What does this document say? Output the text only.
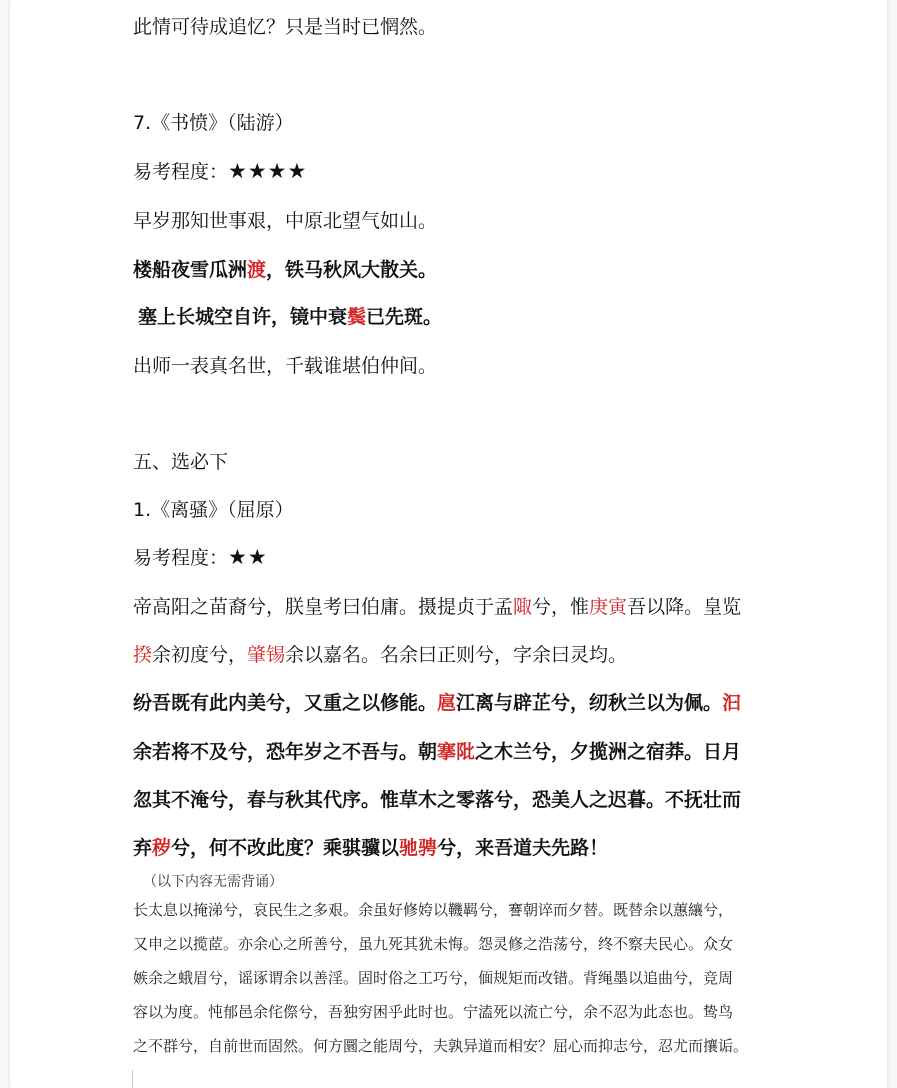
此情可待成追忆？只是当时已惘然。
7.《书愤》（陆游）
易考程度：★★★★
早岁那知世事艰，中原北望气如山。
楼船夜雪瓜洲渡，铁马秋风大散关。
塞上长城空自许，镜中衰鬓已先斑。
出师一表真名世，千载谁堪伯仲间。
五、选必下
1.《离骚》（屈原）
易考程度：★★
帝高阳之苗裔兮，朕皇考曰伯庸。摄提贞于孟陬兮，惟庚寅吾以降。皇览
揆余初度兮，肇锡余以嘉名。名余曰正则兮，字余曰灵均。
纷吾既有此内美兮，又重之以修能。扈江离与辟芷兮，纫秋兰以为佩。汩
余若将不及兮，恐年岁之不吾与。朝搴阰之木兰兮，夕揽洲之宿莽。日月
忽其不淹兮，春与秋其代序。惟草木之零落兮，恐美人之迟暮。不抚壮而
弃秽兮，何不改此度？乘骐骥以驰骋兮，来吾道夫先路！
（以下内容无需背诵）
长太息以掩涕兮，哀民生之多艰。余虽好修姱以鞿羁兮，謇朝谇而夕替。既替余以蕙纕兮，
又申之以揽茝。亦余心之所善兮，虽九死其犹未悔。怨灵修之浩荡兮，终不察夫民心。众女
嫉余之蛾眉兮，谣诼谓余以善淫。固时俗之工巧兮，偭规矩而改错。背绳墨以追曲兮，竞周
容以为度。忳郁邑余侘傺兮，吾独穷困乎此时也。宁溘死以流亡兮，余不忍为此态也。鸷鸟
之不群兮，自前世而固然。何方圜之能周兮，夫孰异道而相安？屈心而抑志兮，忍尤而攘诟。
